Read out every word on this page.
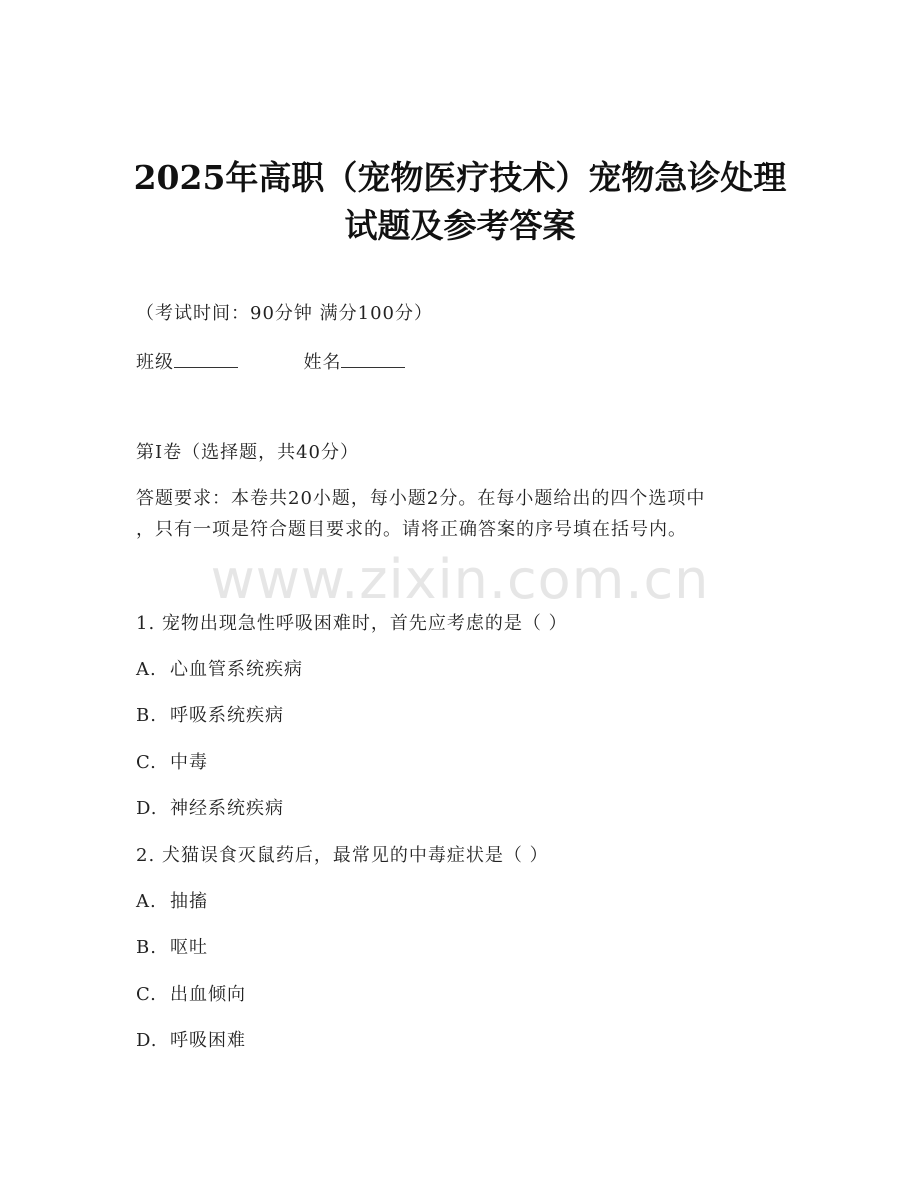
www.zixin.com.cn
2025年高职（宠物医疗技术）宠物急诊处理
试题及参考答案
（考试时间：90分钟 满分100分）
班级	姓名
第I卷（选择题，共40分）
答题要求：本卷共20小题，每小题2分。在每小题给出的四个选项中
，只有一项是符合题目要求的。请将正确答案的序号填在括号内。
1. 宠物出现急性呼吸困难时，首先应考虑的是（ ）
A. 心血管系统疾病
B. 呼吸系统疾病
C. 中毒
D. 神经系统疾病
2. 犬猫误食灭鼠药后，最常见的中毒症状是（ ）
A. 抽搐
B. 呕吐
C. 出血倾向
D. 呼吸困难
